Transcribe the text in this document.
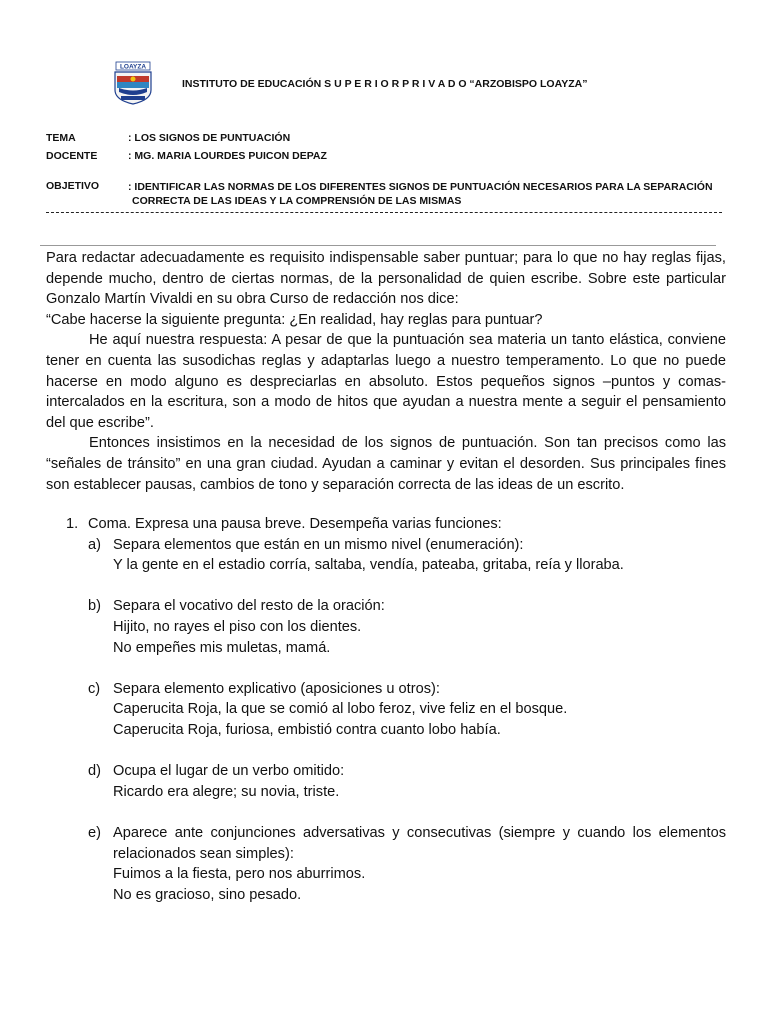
LOAYZA
INSTITUTO DE EDUCACIÓN S U P E R I O R P R I V A D O “ARZOBISPO LOAYZA”
TEMA	: LOS SIGNOS DE PUNTUACIÓN
DOCENTE	: MG. MARIA LOURDES PUICON DEPAZ
OBJETIVO	: IDENTIFICAR LAS NORMAS DE LOS DIFERENTES SIGNOS DE PUNTUACIÓN NECESARIOS PARA LA SEPARACIÓN
CORRECTA DE LAS IDEAS Y LA COMPRENSIÓN DE LAS MISMAS

Para redactar adecuadamente es requisito indispensable saber puntuar; para lo que no hay reglas fijas, depende mucho, dentro de ciertas normas, de la personalidad de quien escribe. Sobre este particular Gonzalo Martín Vivaldi en su obra Curso de redacción nos dice:

“Cabe hacerse la siguiente pregunta: ¿En realidad, hay reglas para puntuar?

He aquí nuestra respuesta: A pesar de que la puntuación sea materia un tanto elástica, conviene tener en cuenta las susodichas reglas y adaptarlas luego a nuestro temperamento. Lo que no puede hacerse en modo alguno es despreciarlas en absoluto. Estos pequeños signos –puntos y comas- intercalados en la escritura, son a modo de hitos que ayudan a nuestra mente a seguir el pensamiento del que escribe”.

Entonces insistimos en la necesidad de los signos de puntuación. Son tan precisos como las “señales de tránsito” en una gran ciudad. Ayudan a caminar y evitan el desorden. Sus principales fines son establecer pausas, cambios de tono y separación correcta de las ideas de un escrito.

1. Coma. Expresa una pausa breve. Desempeña varias funciones:
a) Separa elementos que están en un mismo nivel (enumeración):
Y la gente en el estadio corría, saltaba, vendía, pateaba, gritaba, reía y lloraba.
b) Separa el vocativo del resto de la oración:
Hijito, no rayes el piso con los dientes.
No empeñes mis muletas, mamá.
c) Separa elemento explicativo (aposiciones u otros):
Caperucita Roja, la que se comió al lobo feroz, vive feliz en el bosque.
Caperucita Roja, furiosa, embistió contra cuanto lobo había.
d) Ocupa el lugar de un verbo omitido:
Ricardo era alegre; su novia, triste.
e) Aparece ante conjunciones adversativas y consecutivas (siempre y cuando los elementos relacionados sean simples):
Fuimos a la fiesta, pero nos aburrimos.
No es gracioso, sino pesado.
